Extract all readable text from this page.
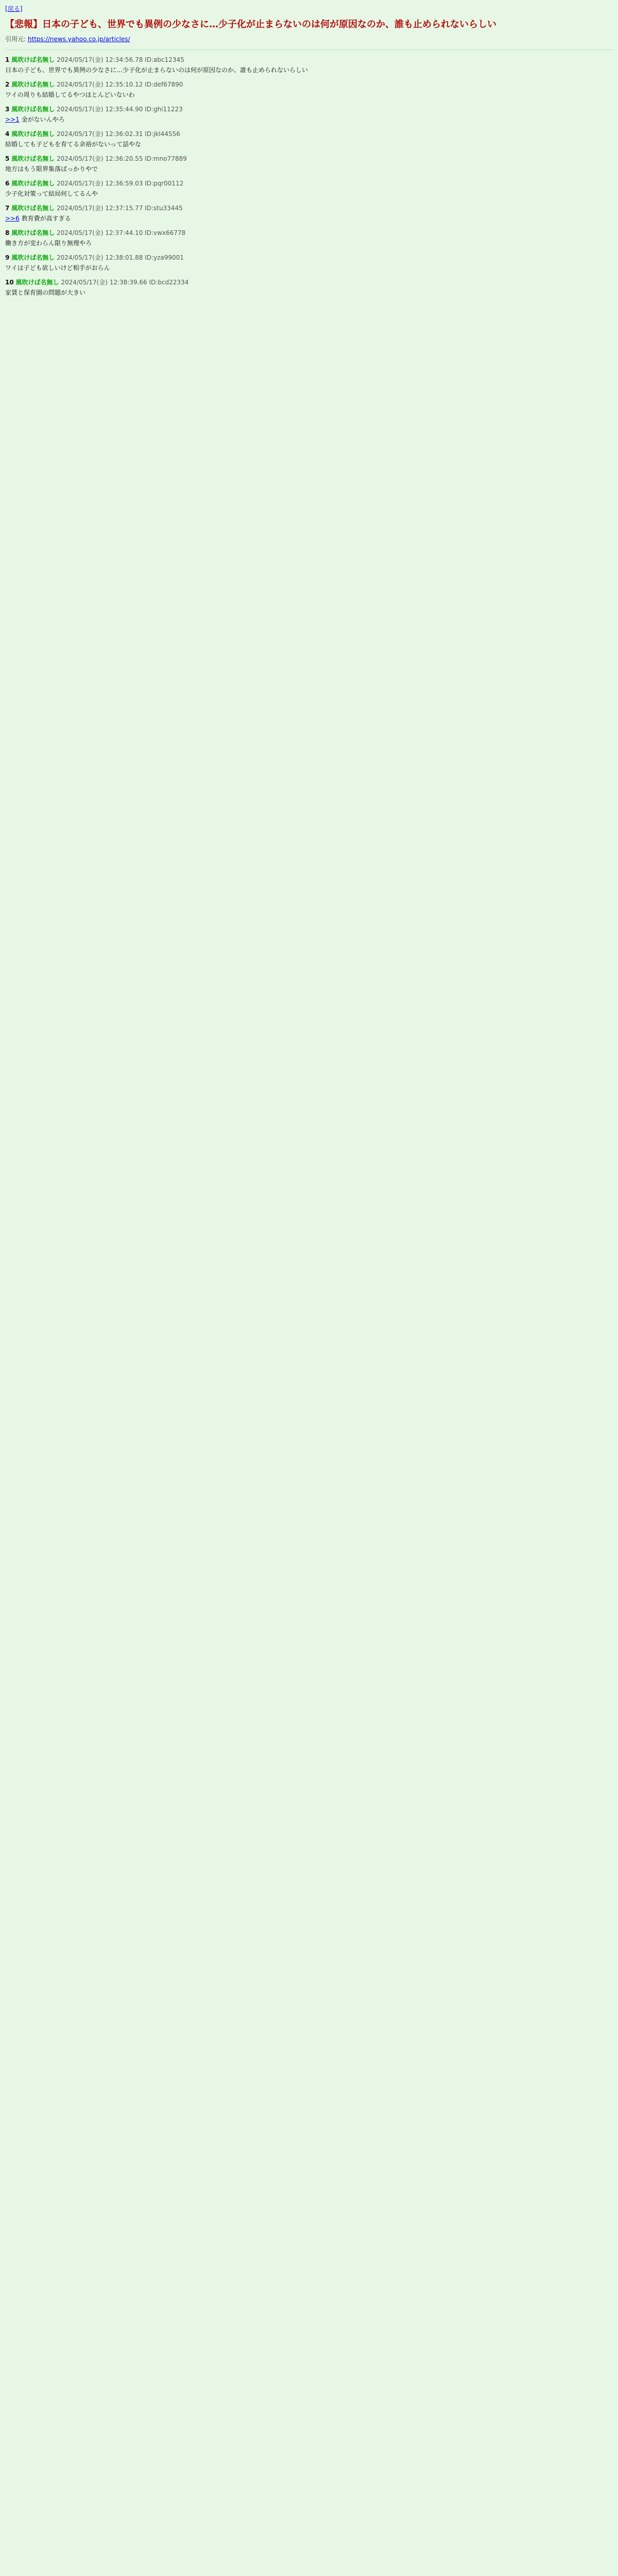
[戻る]
【悲報】日本の子ども、世界でも異例の少なさに…少子化が止まらないのは何が原因なのか、誰も止められないらしい
引用元: https://news.yahoo.co.jp/articles/
1 風吹けば名無し 2024/05/17(金) 12:34:56.78 ID:abc12345
日本の子ども、世界でも異例の少なさに…少子化が止まらないのは何が原因なのか、誰も止められないらしい
2 風吹けば名無し 2024/05/17(金) 12:35:10.12 ID:def67890
ワイの周りも結婚してるやつほとんどいないわ
3 風吹けば名無し 2024/05/17(金) 12:35:44.90 ID:ghi11223
>>1 金がないんやろ
4 風吹けば名無し 2024/05/17(金) 12:36:02.31 ID:jkl44556
結婚しても子どもを育てる余裕がないって話やな
5 風吹けば名無し 2024/05/17(金) 12:36:20.55 ID:mno77889
地方はもう限界集落ばっかりやで
6 風吹けば名無し 2024/05/17(金) 12:36:59.03 ID:pqr00112
少子化対策って結局何してるんや
7 風吹けば名無し 2024/05/17(金) 12:37:15.77 ID:stu33445
>>6 教育費が高すぎる
8 風吹けば名無し 2024/05/17(金) 12:37:44.10 ID:vwx66778
働き方が変わらん限り無理やろ
9 風吹けば名無し 2024/05/17(金) 12:38:01.88 ID:yza99001
ワイは子ども欲しいけど相手がおらん
10 風吹けば名無し 2024/05/17(金) 12:38:39.66 ID:bcd22334
家賃と保育園の問題が大きい
